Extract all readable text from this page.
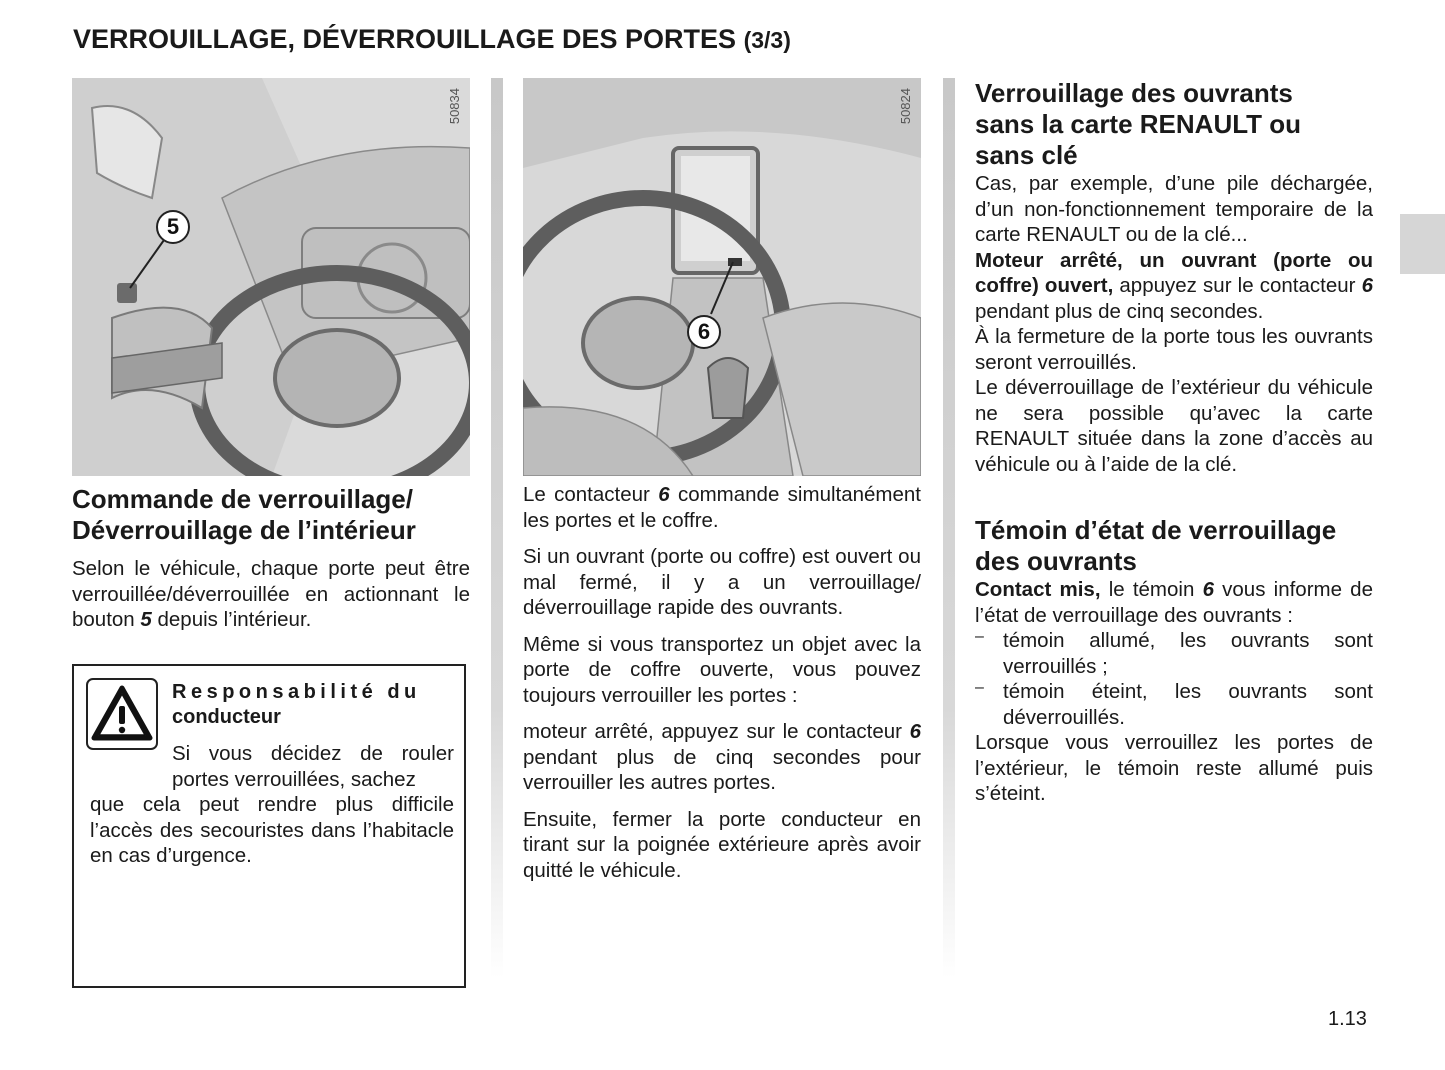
VERROUILLAGE, DÉVERROUILLAGE DES PORTES (3/3)
50834
5
Commande de verrouillage/
Déverrouillage de l’intérieur

Selon le véhicule, chaque porte peut être verrouillée/déverrouillée en actionnant le bouton 5 depuis l’intérieur.

Responsabilité du
conducteur

Si vous décidez de rouler portes verrouillées, sachez

que cela peut rendre plus difficile l’accès des secouristes dans l’habitacle en cas d’urgence.

50824
6

Le contacteur 6 commande simultanément les portes et le coffre.

Si un ouvrant (porte ou coffre) est ouvert ou mal fermé, il y a un verrouillage/ déverrouillage rapide des ouvrants.

Même si vous transportez un objet avec la porte de coffre ouverte, vous pouvez toujours verrouiller les portes :

moteur arrêté, appuyez sur le contacteur 6 pendant plus de cinq secondes pour verrouiller les autres portes.

Ensuite, fermer la porte conducteur en tirant sur la poignée extérieure après avoir quitté le véhicule.

Verrouillage des ouvrants
sans la carte RENAULT ou
sans clé

Cas, par exemple, d’une pile déchargée, d’un non-fonctionnement temporaire de la carte RENAULT ou de la clé...

Moteur arrêté, un ouvrant (porte ou coffre) ouvert, appuyez sur le contacteur 6 pendant plus de cinq secondes.

À la fermeture de la porte tous les ouvrants seront verrouillés.

Le déverrouillage de l’extérieur du véhicule ne sera possible qu’avec la carte RENAULT située dans la zone d’accès au véhicule ou à l’aide de la clé.

Témoin d’état de verrouillage
des ouvrants

Contact mis, le témoin 6 vous informe de l’état de verrouillage des ouvrants :

– témoin allumé, les ouvrants sont verrouillés ;

– témoin éteint, les ouvrants sont déverrouillés.

Lorsque vous verrouillez les portes de l’extérieur, le témoin reste allumé puis s’éteint.

1.13
